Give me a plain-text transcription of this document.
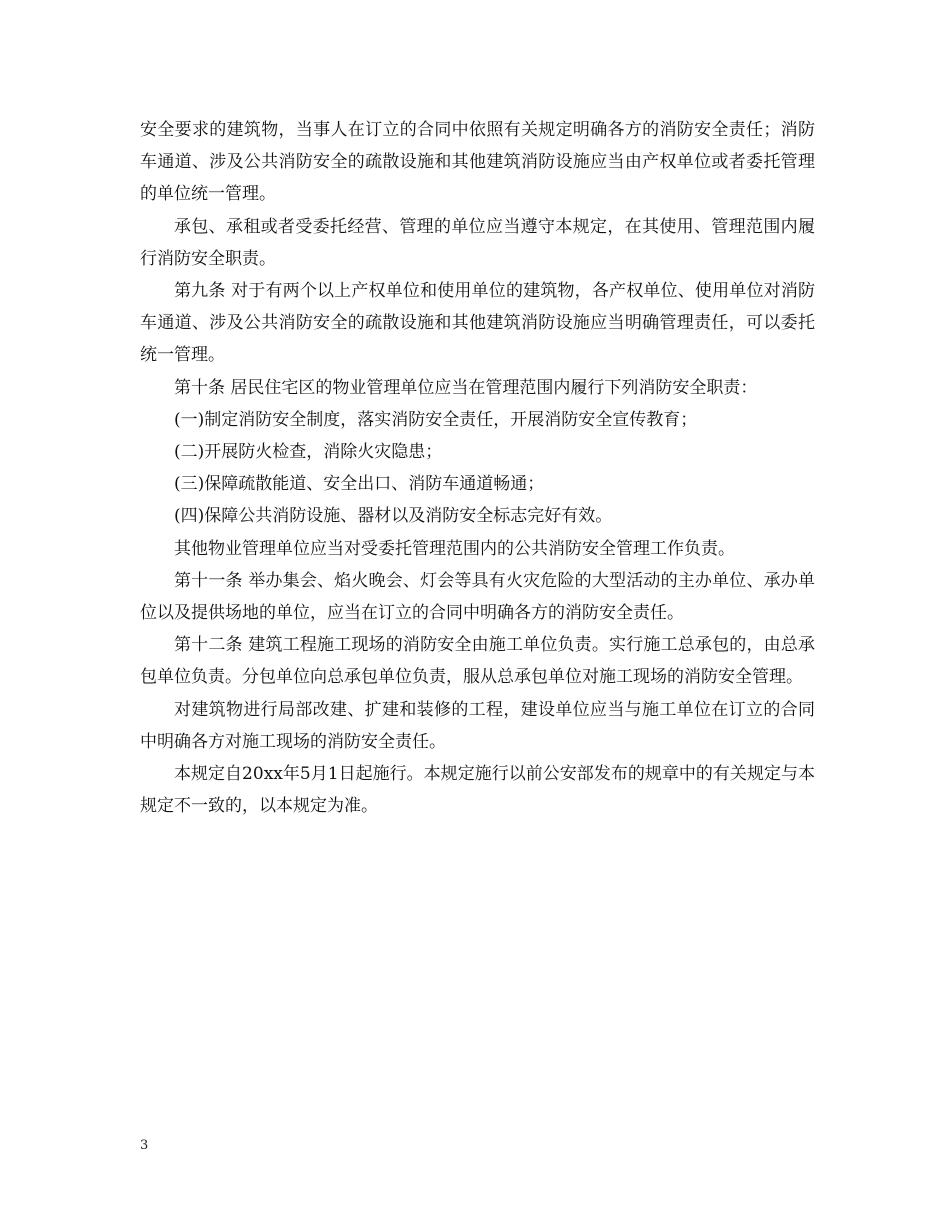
安全要求的建筑物，当事人在订立的合同中依照有关规定明确各方的消防安全责任；消防车通道、涉及公共消防安全的疏散设施和其他建筑消防设施应当由产权单位或者委托管理的单位统一管理。

承包、承租或者受委托经营、管理的单位应当遵守本规定，在其使用、管理范围内履行消防安全职责。

第九条 对于有两个以上产权单位和使用单位的建筑物，各产权单位、使用单位对消防车通道、涉及公共消防安全的疏散设施和其他建筑消防设施应当明确管理责任，可以委托统一管理。

第十条 居民住宅区的物业管理单位应当在管理范围内履行下列消防安全职责：

(一)制定消防安全制度，落实消防安全责任，开展消防安全宣传教育；

(二)开展防火检查，消除火灾隐患；

(三)保障疏散能道、安全出口、消防车通道畅通；

(四)保障公共消防设施、器材以及消防安全标志完好有效。

其他物业管理单位应当对受委托管理范围内的公共消防安全管理工作负责。

第十一条 举办集会、焰火晚会、灯会等具有火灾危险的大型活动的主办单位、承办单位以及提供场地的单位，应当在订立的合同中明确各方的消防安全责任。

第十二条 建筑工程施工现场的消防安全由施工单位负责。实行施工总承包的，由总承包单位负责。分包单位向总承包单位负责，服从总承包单位对施工现场的消防安全管理。

对建筑物进行局部改建、扩建和装修的工程，建设单位应当与施工单位在订立的合同中明确各方对施工现场的消防安全责任。

本规定自20xx年5月1日起施行。本规定施行以前公安部发布的规章中的有关规定与本规定不一致的，以本规定为准。

3
